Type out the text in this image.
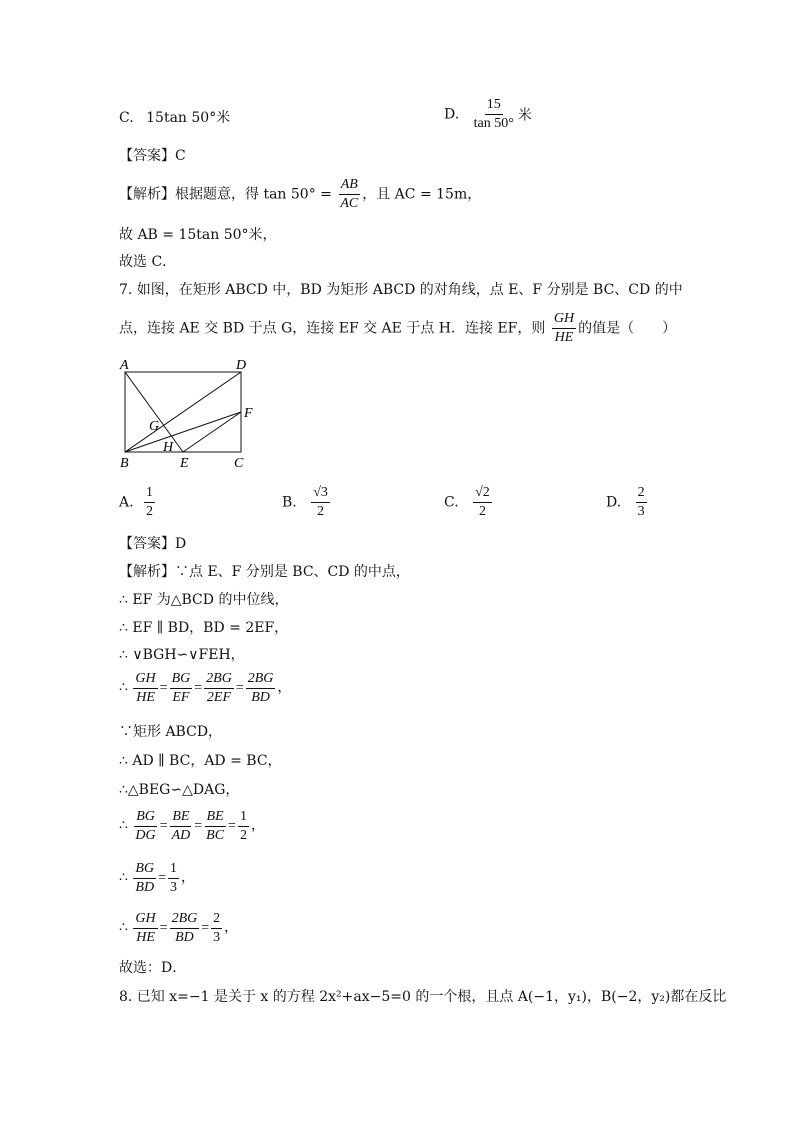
C. 15tan 50°米	D. $\frac{15}{\tan 50^\circ}$ 米
【答案】C
【解析】根据题意，得 $\tan 50^\circ = \frac{AB}{AC}$ ，且 AC = 15m，
故 AB = 15tan 50°米，
故选 C．
7. 如图，在矩形 ABCD 中，BD 为矩形 ABCD 的对角线，点 E、F 分别是 BC、CD 的中
点，连接 AE 交 BD 于点 G，连接 EF 交 AE 于点 H．连接 EF，则 $\frac{GH}{HE}$ 的值是（　　）
A	D
F
G
H
B	E	C
A. $\frac{1}{2}$	B. $\frac{√3}{2}$	C. $\frac{√2}{2}$	D. $\frac{2}{3}$
【答案】D
【解析】∵点 E、F 分别是 BC、CD 的中点，
∴ EF 为△BCD 的中位线，
∴ EF ∥ BD，BD = 2EF，
∴ ∨BGH∽∨FEH，
∴ $\frac{GH}{HE} = \frac{BG}{EF} = \frac{2BG}{2EF} = \frac{2BG}{BD}$ ，
∵矩形 ABCD，
∴ AD ∥ BC，AD = BC，
∴△BEG∽△DAG，
∴ $\frac{BG}{DG} = \frac{BE}{AD} = \frac{BE}{BC} = \frac{1}{2}$ ，
∴ $\frac{BG}{BD} = \frac{1}{3}$ ，
∴ $\frac{GH}{HE} = \frac{2BG}{BD} = \frac{2}{3}$ ，
故选：D．
8. 已知 x=−1 是关于 x 的方程 2x²+ax−5=0 的一个根，且点 A(−1，y₁)，B(−2，y₂)都在反比
